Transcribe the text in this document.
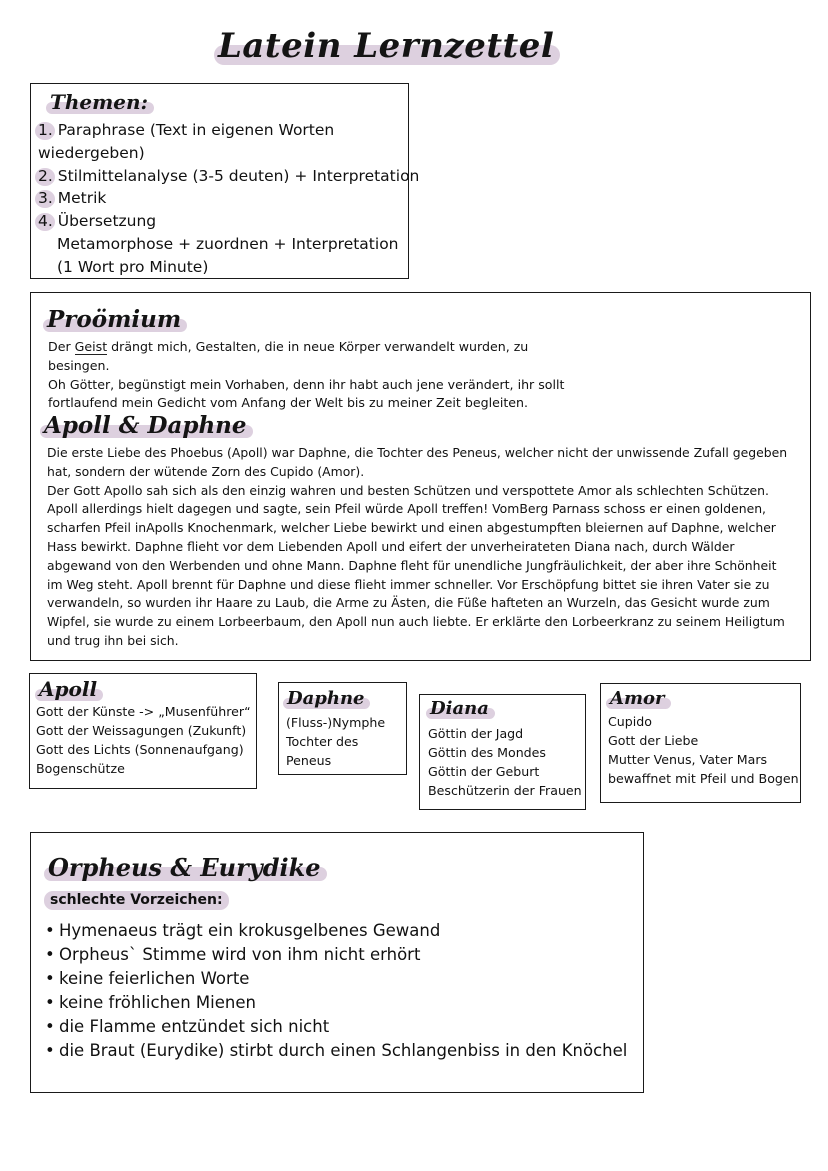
Latein Lernzettel
Themen:
1. Paraphrase (Text in eigenen Worten
wiedergeben)
2. Stilmittelanalyse (3-5 deuten) + Interpretation
3. Metrik
4. Übersetzung
Metamorphose + zuordnen + Interpretation
(1 Wort pro Minute)
Proömium
Der Geist drängt mich, Gestalten, die in neue Körper verwandelt wurden, zu
besingen.
Oh Götter, begünstigt mein Vorhaben, denn ihr habt auch jene verändert, ihr sollt
fortlaufend mein Gedicht vom Anfang der Welt bis zu meiner Zeit begleiten.
Apoll & Daphne
Die erste Liebe des Phoebus (Apoll) war Daphne, die Tochter des Peneus, welcher nicht der unwissende Zufall gegeben
hat, sondern der wütende Zorn des Cupido (Amor).
Der Gott Apollo sah sich als den einzig wahren und besten Schützen und verspottete Amor als schlechten Schützen.
Apoll allerdings hielt dagegen und sagte, sein Pfeil würde Apoll treffen! VomBerg Parnass schoss er einen goldenen,
scharfen Pfeil inApolls Knochenmark, welcher Liebe bewirkt und einen abgestumpften bleiernen auf Daphne, welcher
Hass bewirkt. Daphne flieht vor dem Liebenden Apoll und eifert der unverheirateten Diana nach, durch Wälder
abgewand von den Werbenden und ohne Mann. Daphne fleht für unendliche Jungfräulichkeit, der aber ihre Schönheit
im Weg steht. Apoll brennt für Daphne und diese flieht immer schneller. Vor Erschöpfung bittet sie ihren Vater sie zu
verwandeln, so wurden ihr Haare zu Laub, die Arme zu Ästen, die Füße hafteten an Wurzeln, das Gesicht wurde zum
Wipfel, sie wurde zu einem Lorbeerbaum, den Apoll nun auch liebte. Er erklärte den Lorbeerkranz zu seinem Heiligtum
und trug ihn bei sich.
Apoll
Gott der Künste -> „Musenführer“
Gott der Weissagungen (Zukunft)
Gott des Lichts (Sonnenaufgang)
Bogenschütze
Daphne
(Fluss-)Nymphe
Tochter des
Peneus
Diana
Göttin der Jagd
Göttin des Mondes
Göttin der Geburt
Beschützerin der Frauen
Amor
Cupido
Gott der Liebe
Mutter Venus, Vater Mars
bewaffnet mit Pfeil und Bogen
Orpheus & Eurydike
schlechte Vorzeichen:
• Hymenaeus trägt ein krokusgelbenes Gewand
• Orpheus` Stimme wird von ihm nicht erhört
• keine feierlichen Worte
• keine fröhlichen Mienen
• die Flamme entzündet sich nicht
• die Braut (Eurydike) stirbt durch einen Schlangenbiss in den Knöchel
